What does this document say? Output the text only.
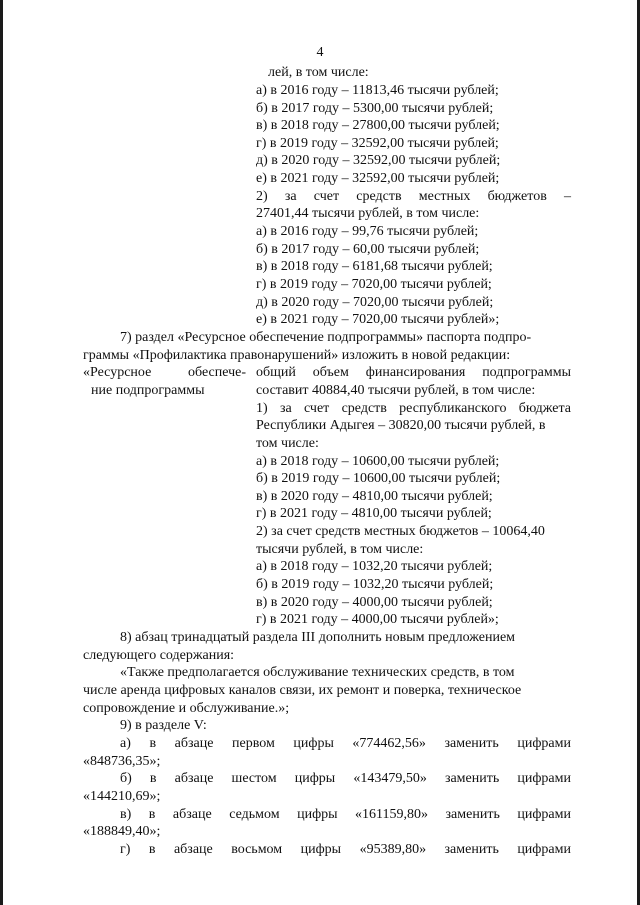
4
лей, в том числе:
а) в 2016 году – 11813,46 тысячи рублей;
б) в 2017 году – 5300,00 тысячи рублей;
в) в 2018 году – 27800,00 тысячи рублей;
г) в 2019 году – 32592,00 тысячи рублей;
д) в 2020 году – 32592,00 тысячи рублей;
е) в 2021 году – 32592,00 тысячи рублей;
2) за счет средств местных бюджетов –
27401,44 тысячи рублей, в том числе:
а) в 2016 году – 99,76 тысячи рублей;
б) в 2017 году – 60,00 тысячи рублей;
в) в 2018 году – 6181,68 тысячи рублей;
г) в 2019 году – 7020,00 тысячи рублей;
д) в 2020 году – 7020,00 тысячи рублей;
е) в 2021 году – 7020,00 тысячи рублей»;
7) раздел «Ресурсное обеспечение подпрограммы» паспорта подпро-
граммы «Профилактика правонарушений» изложить в новой редакции:
«Ресурсное	обеспече-
ние подпрограммы
общий объем финансирования подпрограммы
составит 40884,40 тысячи рублей, в том числе:
1) за счет средств республиканского бюджета
Республики Адыгея – 30820,00 тысячи рублей, в
том числе:
а) в 2018 году – 10600,00 тысячи рублей;
б) в 2019 году – 10600,00 тысячи рублей;
в) в 2020 году – 4810,00 тысячи рублей;
г) в 2021 году – 4810,00 тысячи рублей;
2) за счет средств местных бюджетов – 10064,40
тысячи рублей, в том числе:
а) в 2018 году – 1032,20 тысячи рублей;
б) в 2019 году – 1032,20 тысячи рублей;
в) в 2020 году – 4000,00 тысячи рублей;
г) в 2021 году – 4000,00 тысячи рублей»;
8) абзац тринадцатый раздела III дополнить новым предложением
следующего содержания:
«Также предполагается обслуживание технических средств, в том
числе аренда цифровых каналов связи, их ремонт и поверка, техническое
сопровождение и обслуживание.»;
9) в разделе V:
а) в абзаце первом цифры «774462,56» заменить цифрами
«848736,35»;
б) в абзаце шестом цифры «143479,50» заменить цифрами
«144210,69»;
в) в абзаце седьмом цифры «161159,80» заменить цифрами
«188849,40»;
г) в абзаце восьмом цифры «95389,80» заменить цифрами
